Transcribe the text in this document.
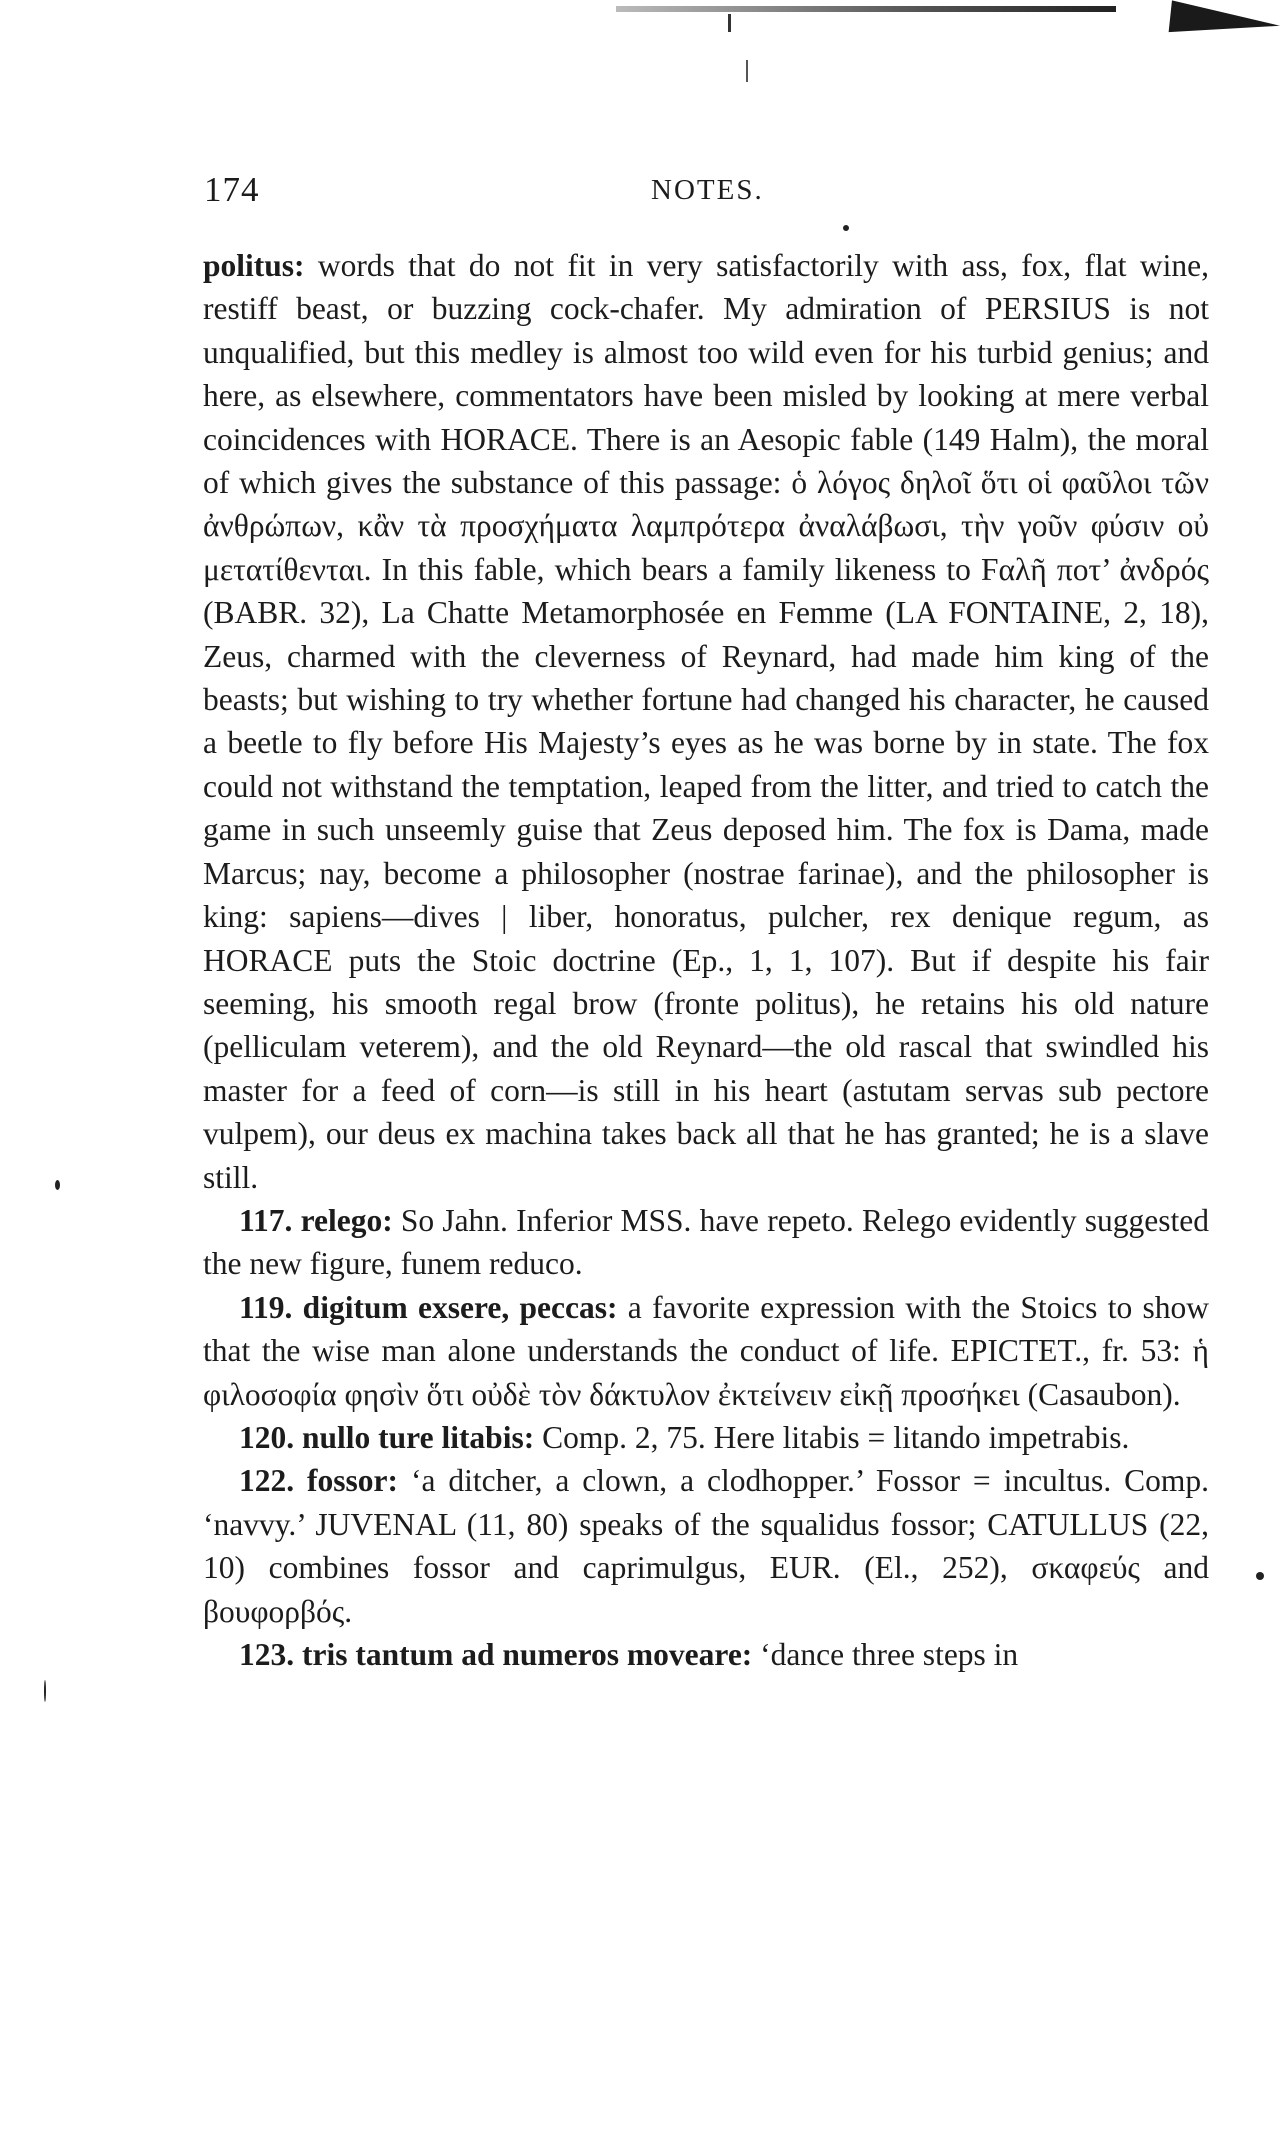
174	NOTES.

politus: words that do not fit in very satisfactorily with ass, fox, flat wine, restiff beast, or buzzing cock-chafer. My admiration of PERSIUS is not unqualified, but this medley is almost too wild even for his turbid genius; and here, as elsewhere, commentators have been misled by looking at mere verbal coincidences with HORACE. There is an Aesopic fable (149 Halm), the moral of which gives the substance of this passage: ὁ λόγος δηλοῖ ὅτι οἱ φαῦλοι τῶν ἀνθρώπων, κἂν τὰ προσχήματα λαμπρότερα ἀναλάβωσι, τὴν γοῦν φύσιν οὐ μετατίθενται. In this fable, which bears a family likeness to Ϝαλῆ ποτ’ ἀνδρός (BABR. 32), La Chatte Metamorphosée en Femme (LA FONTAINE, 2, 18), Zeus, charmed with the cleverness of Reynard, had made him king of the beasts; but wishing to try whether fortune had changed his character, he caused a beetle to fly before His Majesty’s eyes as he was borne by in state. The fox could not withstand the temptation, leaped from the litter, and tried to catch the game in such unseemly guise that Zeus deposed him. The fox is Dama, made Marcus; nay, become a philosopher (nostrae farinae), and the philosopher is king: sapiens—dives | liber, honoratus, pulcher, rex denique regum, as HORACE puts the Stoic doctrine (Ep., 1, 1, 107). But if despite his fair seeming, his smooth regal brow (fronte politus), he retains his old nature (pelliculam veterem), and the old Reynard—the old rascal that swindled his master for a feed of corn—is still in his heart (astutam servas sub pectore vulpem), our deus ex machina takes back all that he has granted; he is a slave still.

117. relego: So Jahn. Inferior MSS. have repeto. Relego evidently suggested the new figure, funem reduco.

119. digitum exsere, peccas: a favorite expression with the Stoics to show that the wise man alone understands the conduct of life. EPICTET., fr. 53: ἡ φιλοσοφία φησὶν ὅτι οὐδὲ τὸν δάκτυλον ἐκτείνειν εἰκῇ προσήκει (Casaubon).

120. nullo ture litabis: Comp. 2, 75. Here litabis = litando impetrabis.

122. fossor: ‘a ditcher, a clown, a clodhopper.’ Fossor = incultus. Comp. ‘navvy.’ JUVENAL (11, 80) speaks of the squalidus fossor; CATULLUS (22, 10) combines fossor and caprimulgus, EUR. (El., 252), σκαφεύς and βουφορβός.

123. tris tantum ad numeros moveare: ‘dance three steps in
